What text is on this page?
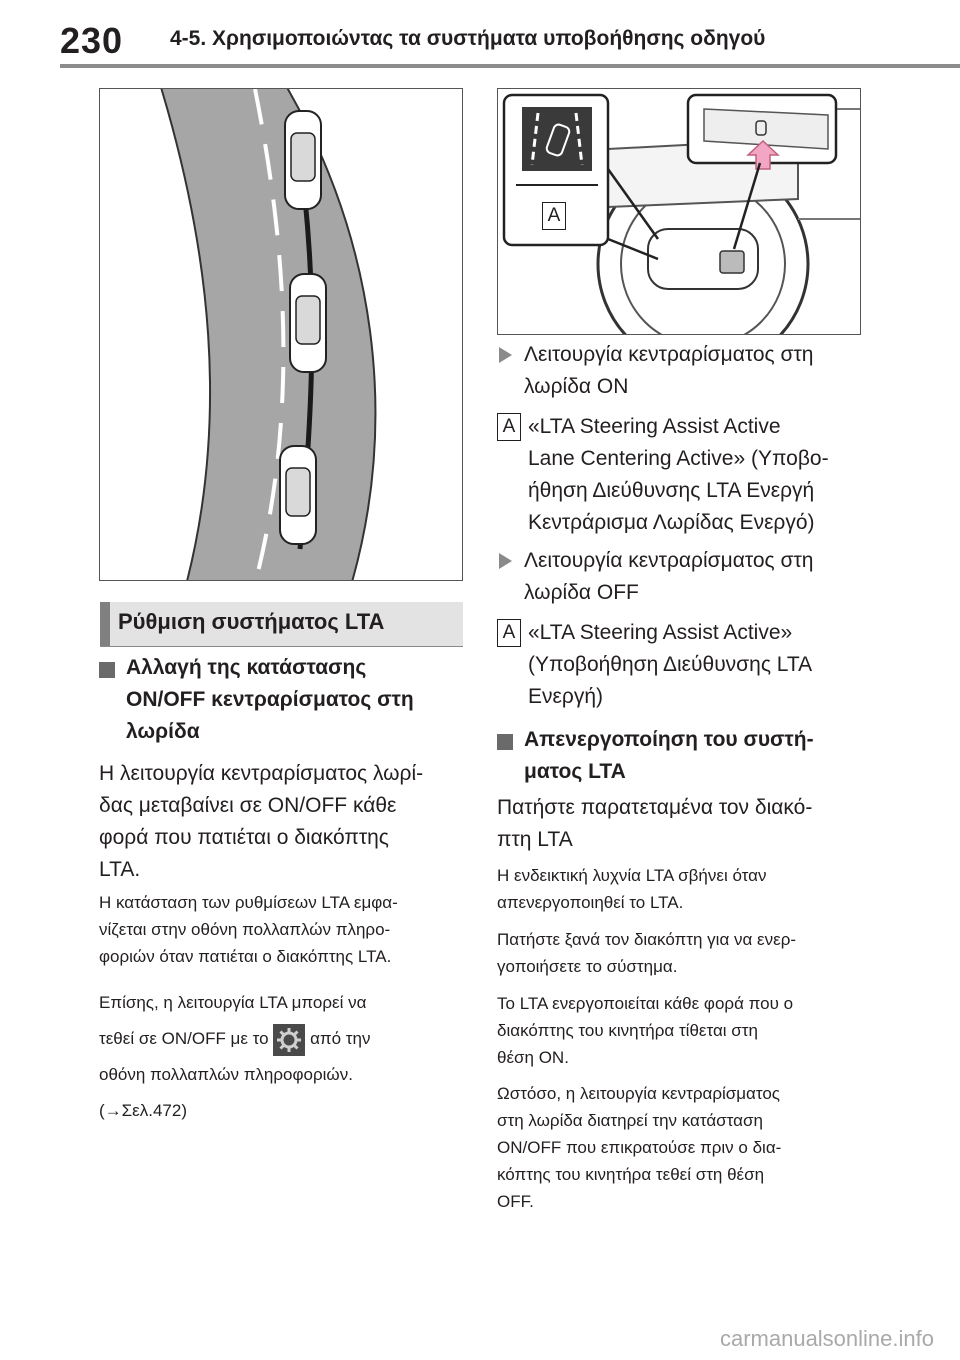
230 4-5. Χρησιμοποιώντας τα συστήματα υποβοήθησης οδηγού
A
Ρύθμιση συστήματος LTA
Αλλαγή της κατάστασης
ON/OFF κεντραρίσματος στη
λωρίδα
Η λειτουργία κεντραρίσματος λωρί-
δας μεταβαίνει σε ON/OFF κάθε
φορά που πατιέται ο διακόπτης
LTA.
Η κατάσταση των ρυθμίσεων LTA εμφα-
νίζεται στην οθόνη πολλαπλών πληρο-
φοριών όταν πατιέται ο διακόπτης LTA.
Επίσης, η λειτουργία LTA μπορεί να
τεθεί σε ON/OFF με το από την
οθόνη πολλαπλών πληροφοριών.
(→Σελ.472)
Λειτουργία κεντραρίσματος στη
λωρίδα ON
A «LTA Steering Assist Active
Lane Centering Active» (Υποβο-
ήθηση Διεύθυνσης LTA Ενεργή
Κεντράρισμα Λωρίδας Ενεργό)
Λειτουργία κεντραρίσματος στη
λωρίδα OFF
A «LTA Steering Assist Active»
(Υποβοήθηση Διεύθυνσης LTA
Ενεργή)
Απενεργοποίηση του συστή-
ματος LTA
Πατήστε παρατεταμένα τον διακό-
πτη LTA
Η ενδεικτική λυχνία LTA σβήνει όταν
απενεργοποιηθεί το LTA.
Πατήστε ξανά τον διακόπτη για να ενερ-
γοποιήσετε το σύστημα.
Το LTA ενεργοποιείται κάθε φορά που ο
διακόπτης του κινητήρα τίθεται στη
θέση ON.
Ωστόσο, η λειτουργία κεντραρίσματος
στη λωρίδα διατηρεί την κατάσταση
ON/OFF που επικρατούσε πριν ο δια-
κόπτης του κινητήρα τεθεί στη θέση
OFF.
carmanualsonline.info
